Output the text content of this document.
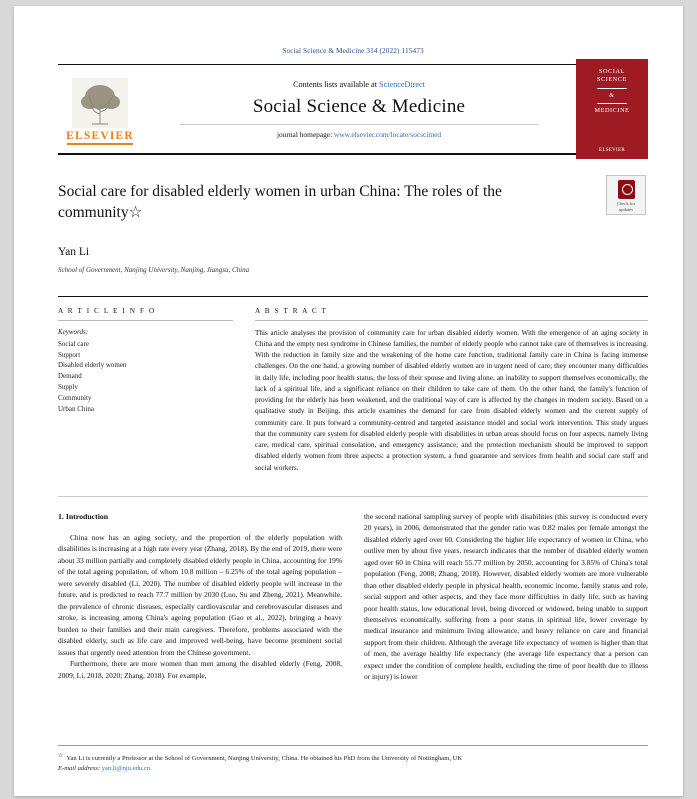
Social Science & Medicine 314 (2022) 115473
ELSEVIER
Contents lists available at ScienceDirect
Social Science & Medicine
journal homepage: www.elsevier.com/locate/socscimed
SOCIAL
SCIENCE
&
MEDICINE
ELSEVIER
Social care for disabled elderly women in urban China: The roles of the community☆
Check for
updates
Yan Li
School of Government, Nanjing University, Nanjing, Jiangsu, China
A R T I C L E I N F O
Keywords:
Social care
Support
Disabled elderly women
Demand
Supply
Community
Urban China
A B S T R A C T
This article analyses the provision of community care for urban disabled elderly women. With the emergence of an aging society in China and the empty nest syndrome in Chinese families, the number of elderly people who cannot take care of themselves is increasing. With the reduction in family size and the weakening of the home care function, traditional family care in China is facing immense challenges. On the one hand, a growing number of disabled elderly women are in urgent need of care; they encounter many difficulties in daily life, including poor health status, the loss of their spouse and living alone, an inability to support themselves economically, the lack of a spiritual life, and a significant reliance on their children to take care of them. On the other hand, the family's function of providing for the elderly has been weakened, and the traditional way of care is affected by the changes in modern society. Based on a qualitative study in Beijing, this article examines the demand for care from disabled elderly women and the current supply of community care. It puts forward a community-centred and targeted assistance model and social work intervention. This study argues that the community care system for disabled elderly people with disabilities in urban areas should focus on four aspects, namely living care, medical care, spiritual consolation, and emergency assistance; and the protection mechanism should be improved to support disabled elderly women from three aspects: a protection system, a fund guarantee and services from health and social care staff and social workers.
1. Introduction

China now has an aging society, and the proportion of the elderly population with disabilities is increasing at a high rate every year (Zhang, 2018). By the end of 2019, there were about 33 million partially and completely disabled elderly people in China, accounting for 19% of the total ageing population, of whom 10.8 million – 6.25% of the total ageing population – were severely disabled (Li, 2020). The number of disabled elderly people will increase in the future, and is predicted to reach 77.7 million by 2030 (Luo, Su and Zheng, 2021). Meanwhile, the prevalence of chronic diseases, especially cardiovascular and cerebrovascular diseases and stroke, is increasing among China's ageing population (Gao et al., 2022), bringing a heavy burden to their families and their main caregivers. Therefore, problems associated with the disabled elderly, such as life care and improved well-being, have become prominent social issues that urgently need attention from the Chinese government.

Furthermore, there are more women than men among the disabled elderly (Feng, 2008, 2009; Li, 2018, 2020; Zhang, 2018). For example,

the second national sampling survey of people with disabilities (this survey is conducted every 20 years), in 2006, demonstrated that the gender ratio was 0.82 males per female amongst the disabled elderly aged over 60. Considering the higher life expectancy of women in China, who outlive men by about five years, research indicates that the number of disabled elderly women aged over 60 in China will reach 55.77 million by 2050, accounting for 3.85% of China's total population (Feng, 2008; Zhang, 2018). However, disabled elderly women are more vulnerable than other disabled elderly people in physical health, economic income, family status and role, social support and other aspects, and they face more difficulties in daily life, such as having poor health status, low educational level, being divorced or widowed, being unable to support themselves economically, suffering from a poor status in spiritual life, lower coverage by medical insurance and minimum living allowance, and heavy reliance on care and financial support from their children. Although the average life expectancy of women is higher than that of men, the average healthy life expectancy (the average life expectancy that a person can expect under the condition of complete health, excluding the time of poor health due to illness or injury) is lower

☆ Yan Li is currently a Professor at the School of Government, Nanjing University, China. He obtained his PhD from the University of Nottingham, UK
E-mail address: yan.li@nju.edu.cn.
